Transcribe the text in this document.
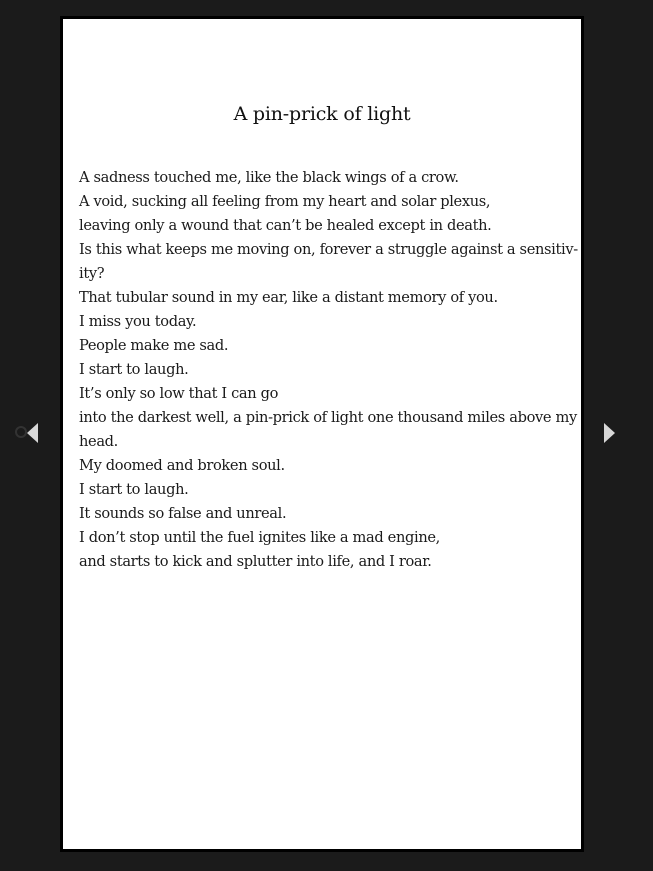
A pin-prick of light
A sadness touched me, like the black wings of a crow.
A void, sucking all feeling from my heart and solar plexus,
leaving only a wound that can’t be healed except in death.
Is this what keeps me moving on, forever a struggle against a sensitiv-
ity?
That tubular sound in my ear, like a distant memory of you.
I miss you today.
People make me sad.
I start to laugh.
It’s only so low that I can go
into the darkest well, a pin-prick of light one thousand miles above my
head.
My doomed and broken soul.
I start to laugh.
It sounds so false and unreal.
I don’t stop until the fuel ignites like a mad engine,
and starts to kick and splutter into life, and I roar.
